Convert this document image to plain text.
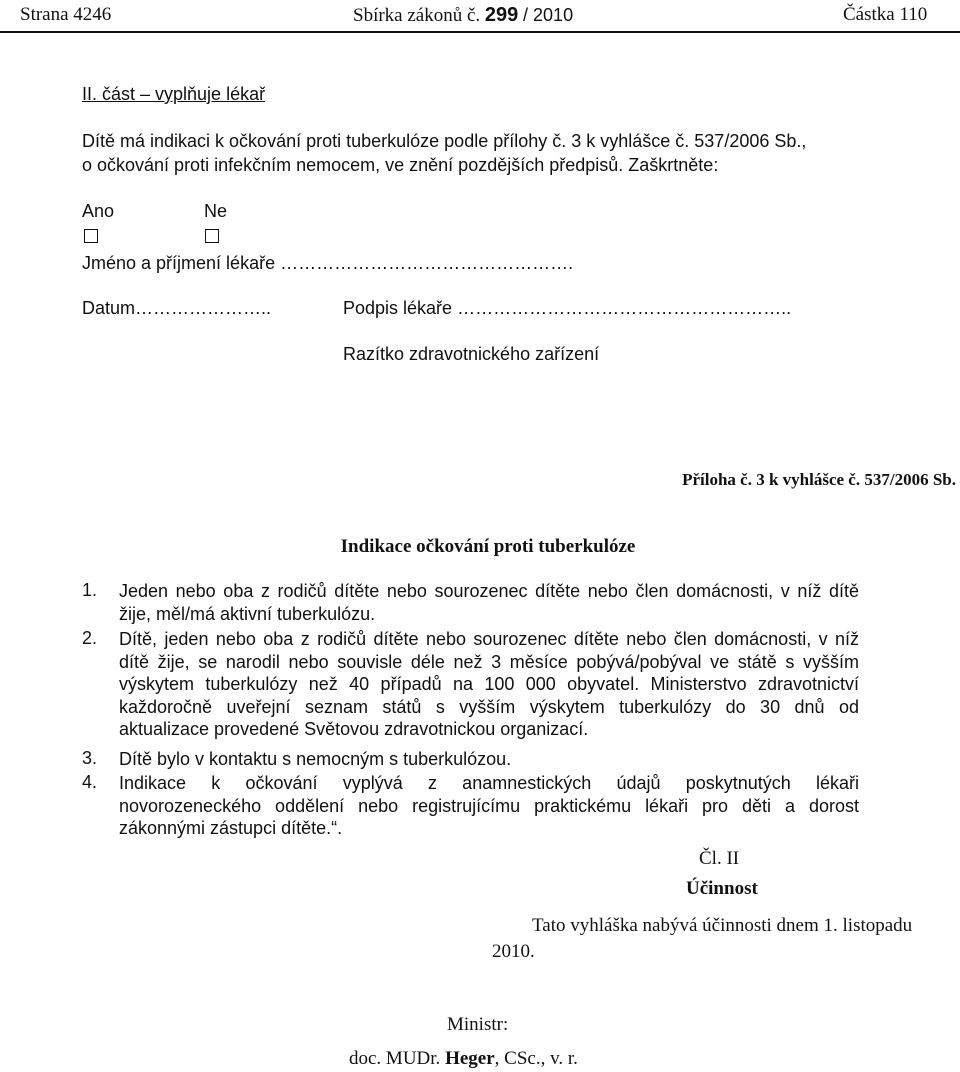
Strana 4246	Sbírka zákonů č. 299 / 2010	Částka 110
II. část – vyplňuje lékař
Dítě má indikaci k očkování proti tuberkulóze podle přílohy č. 3 k vyhlášce č. 537/2006 Sb.,
o očkování proti infekčním nemocem, ve znění pozdějších předpisů. Zaškrtněte:
Ano	Ne
Jméno a příjmení lékaře ………………………………………….
Datum…………………..	Podpis lékaře ………………………………………………..
Razítko zdravotnického zařízení
Příloha č. 3 k vyhlášce č. 537/2006 Sb.
Indikace očkování proti tuberkulóze
1. Jeden nebo oba z rodičů dítěte nebo sourozenec dítěte nebo člen domácnosti, v níž dítě
žije, měl/má aktivní tuberkulózu.
2. Dítě, jeden nebo oba z rodičů dítěte nebo sourozenec dítěte nebo člen domácnosti, v níž
dítě žije, se narodil nebo souvisle déle než 3 měsíce pobývá/pobýval ve státě s vyšším
výskytem tuberkulózy než 40 případů na 100 000 obyvatel. Ministerstvo zdravotnictví
každoročně uveřejní seznam států s vyšším výskytem tuberkulózy do 30 dnů od
aktualizace provedené Světovou zdravotnickou organizací.
3. Dítě bylo v kontaktu s nemocným s tuberkulózou.
4. Indikace k očkování vyplývá z anamnestických údajů poskytnutých lékaři
novorozeneckého oddělení nebo registrujícímu praktickému lékaři pro děti a dorost
zákonnými zástupci dítěte.“.
Čl. II
Účinnost
Tato vyhláška nabývá účinnosti dnem 1. listopadu
2010.
Ministr:
doc. MUDr. Heger, CSc., v. r.
